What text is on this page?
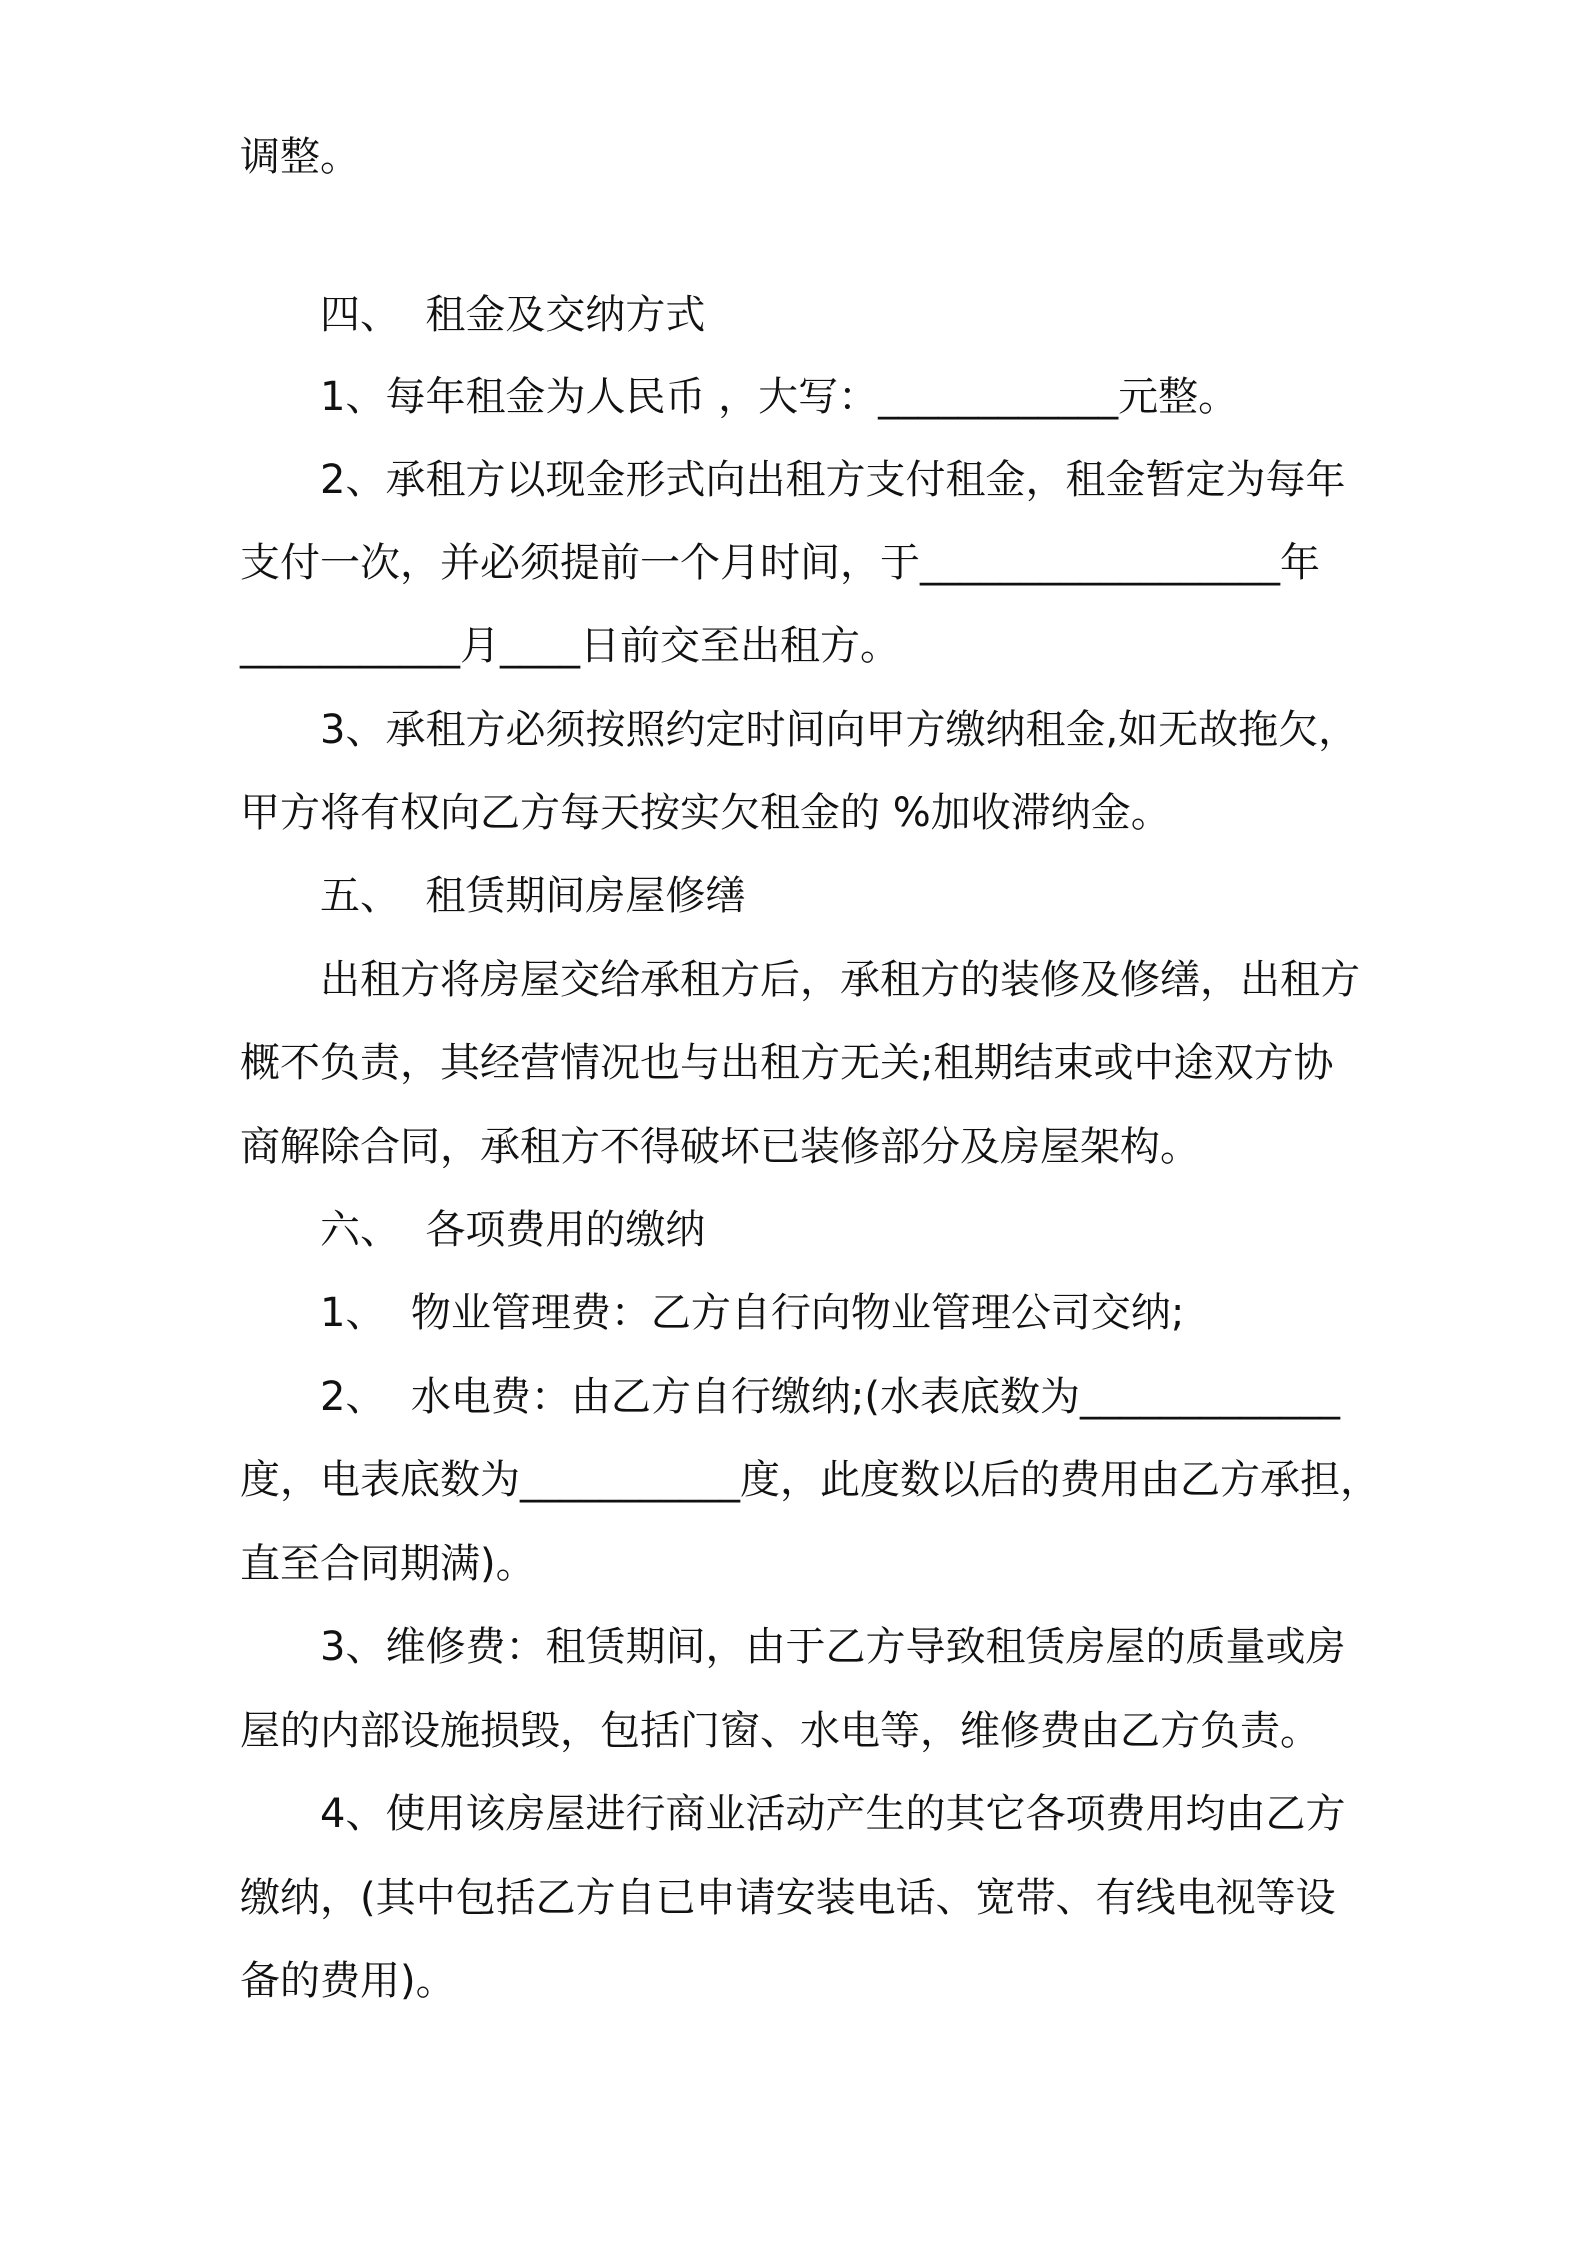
调整。
四、  租金及交纳方式
1、每年租金为人民币 ，大写：____________元整。
2、承租方以现金形式向出租方支付租金，租金暂定为每年
支付一次，并必须提前一个月时间，于__________________年
___________月____日前交至出租方。
3、承租方必须按照约定时间向甲方缴纳租金,如无故拖欠，
甲方将有权向乙方每天按实欠租金的 %加收滞纳金。
五、  租赁期间房屋修缮
出租方将房屋交给承租方后，承租方的装修及修缮，出租方
概不负责，其经营情况也与出租方无关;租期结束或中途双方协
商解除合同，承租方不得破坏已装修部分及房屋架构。
六、  各项费用的缴纳
1、  物业管理费：乙方自行向物业管理公司交纳;
2、  水电费：由乙方自行缴纳;(水表底数为_____________
度，电表底数为___________度，此度数以后的费用由乙方承担，
直至合同期满)。
3、维修费：租赁期间，由于乙方导致租赁房屋的质量或房
屋的内部设施损毁，包括门窗、水电等，维修费由乙方负责。
4、使用该房屋进行商业活动产生的其它各项费用均由乙方
缴纳，(其中包括乙方自已申请安装电话、宽带、有线电视等设
备的费用)。
